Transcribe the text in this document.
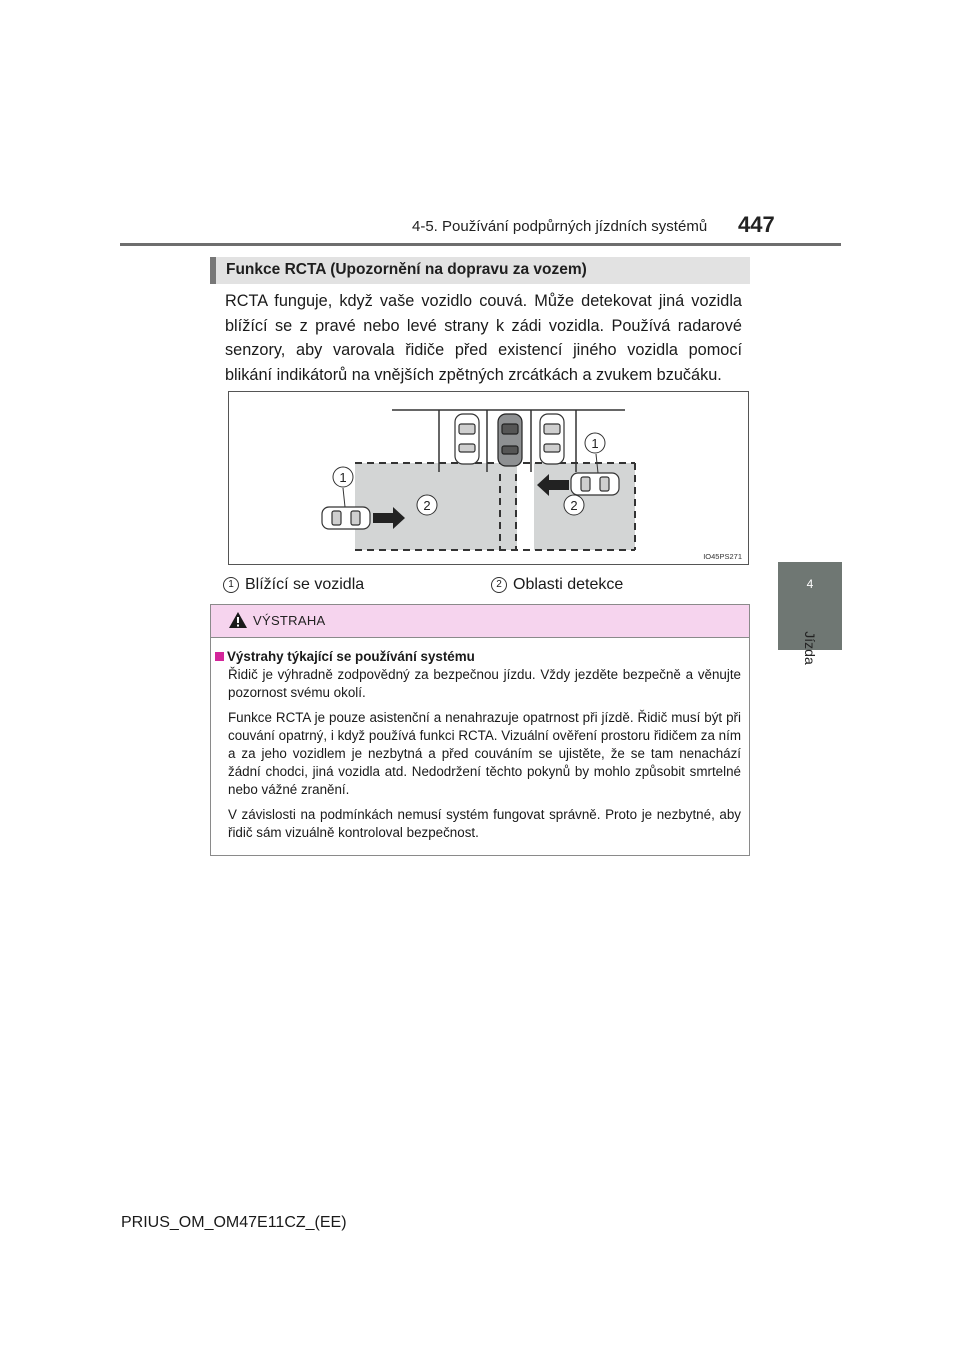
4-5. Používání podpůrných jízdních systémů 447
4
Jízda
Funkce RCTA (Upozornění na dopravu za vozem)
RCTA funguje, když vaše vozidlo couvá. Může detekovat jiná vozidla blížící se z pravé nebo levé strany k zádi vozidla. Používá radarové senzory, aby varovala řidiče před existencí jiného vozidla pomocí blikání indikátorů na vnějších zpětných zrcátkách a zvukem bzučáku.
1
2	2
1
IO45PS271
1 Blížící se vozidla	2 Oblasti detekce
VÝSTRAHA
Výstrahy týkající se používání systému

Řidič je výhradně zodpovědný za bezpečnou jízdu. Vždy jezděte bezpečně a věnujte pozornost svému okolí.

Funkce RCTA je pouze asistenční a nenahrazuje opatrnost při jízdě. Řidič musí být při couvání opatrný, i když používá funkci RCTA. Vizuální ověření prostoru řidičem za ním a za jeho vozidlem je nezbytná a před couváním se ujistěte, že se tam nenachází žádní chodci, jiná vozidla atd. Nedodržení těchto pokynů by mohlo způsobit smrtelné nebo vážné zranění.

V závislosti na podmínkách nemusí systém fungovat správně. Proto je nezbytné, aby řidič sám vizuálně kontroloval bezpečnost.

PRIUS_OM_OM47E11CZ_(EE)
